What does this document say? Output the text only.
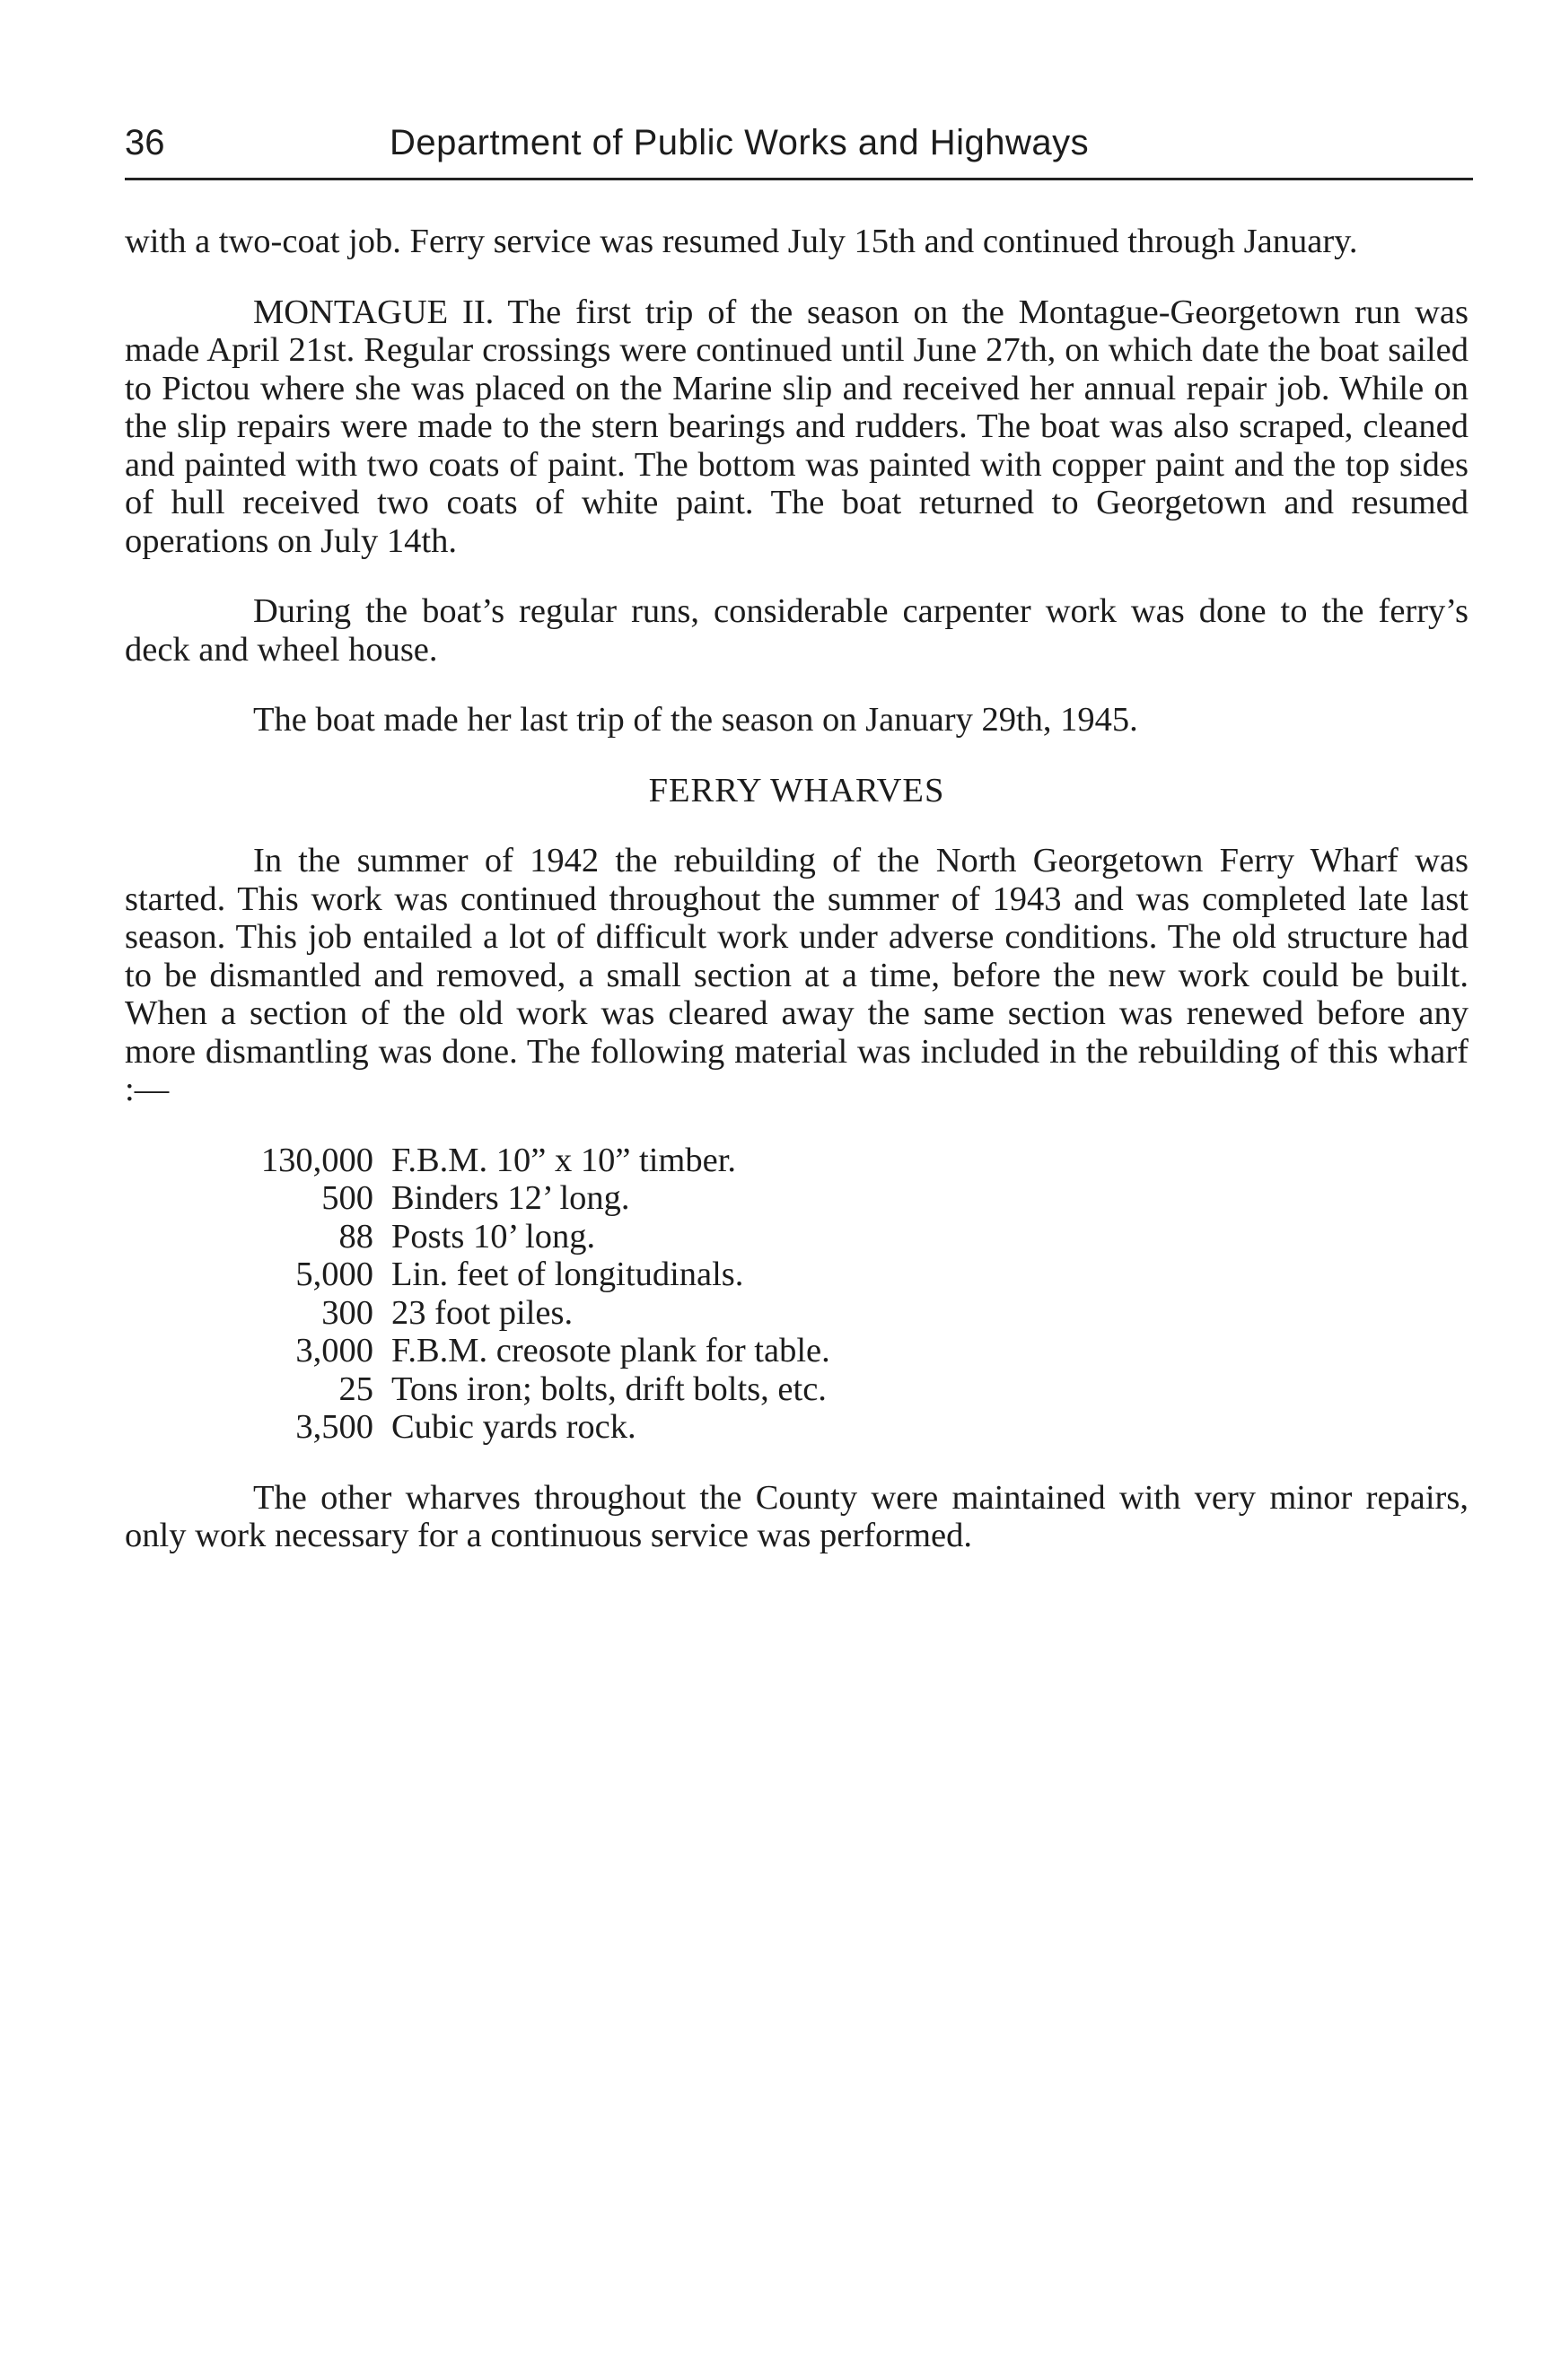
36	Department of Public Works and Highways

with a two-coat job. Ferry service was resumed July 15th and continued through January.

MONTAGUE II. The first trip of the season on the Montague-Georgetown run was made April 21st. Regular crossings were continued until June 27th, on which date the boat sailed to Pictou where she was placed on the Marine slip and received her annual repair job. While on the slip repairs were made to the stern bearings and rudders. The boat was also scraped, cleaned and painted with two coats of paint. The bottom was painted with copper paint and the top sides of hull received two coats of white paint. The boat returned to Georgetown and resumed operations on July 14th.

During the boat’s regular runs, considerable carpenter work was done to the ferry’s deck and wheel house.

The boat made her last trip of the season on January 29th, 1945.

FERRY WHARVES

In the summer of 1942 the rebuilding of the North Georgetown Ferry Wharf was started. This work was continued throughout the summer of 1943 and was completed late last season. This job entailed a lot of difficult work under adverse conditions. The old structure had to be dismantled and removed, a small section at a time, before the new work could be built. When a section of the old work was cleared away the same section was renewed before any more dismantling was done. The following material was included in the rebuilding of this wharf :—

130,000 F.B.M. 10” x 10” timber.
500 Binders 12’ long.
88 Posts 10’ long.
5,000 Lin. feet of longitudinals.
300 23 foot piles.
3,000 F.B.M. creosote plank for table.
25 Tons iron; bolts, drift bolts, etc.
3,500 Cubic yards rock.

The other wharves throughout the County were maintained with very minor repairs, only work necessary for a continuous service was performed.
